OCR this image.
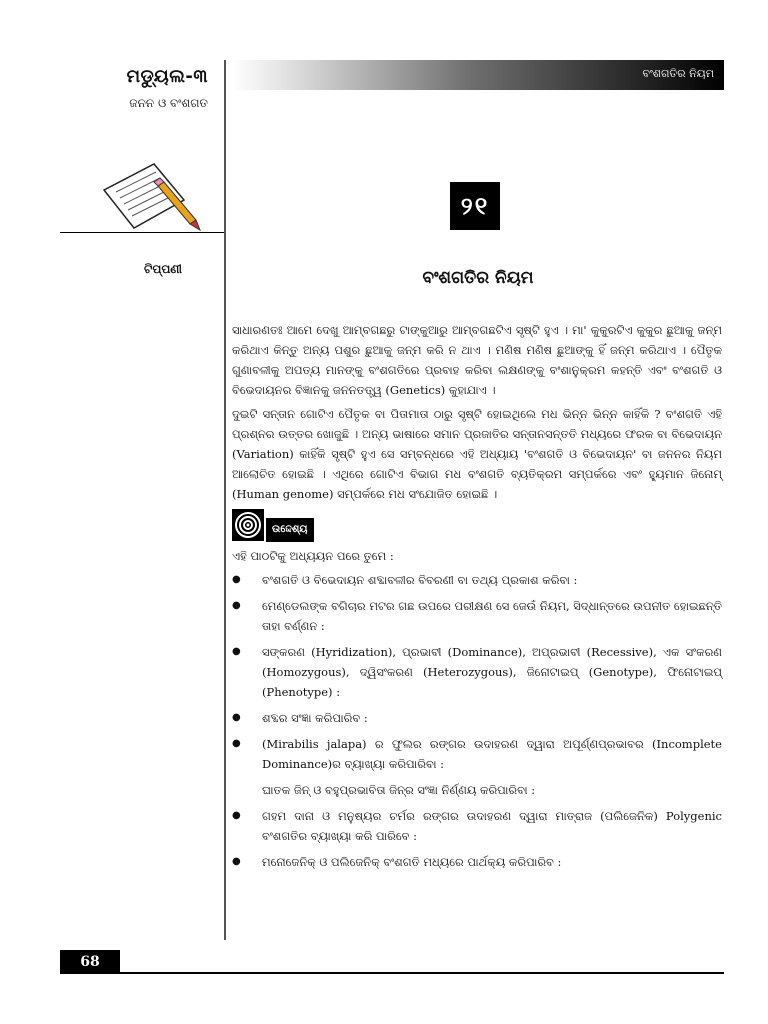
ମଡ୍ୟୁଲ-୩
ଜନନ ଓ ବଂଶଗତ
ଟିପ୍ପଣୀ
ବଂଶଗତିର ନିୟମ
୨୧
ବଂଶଗତିର ନିୟମ

ସାଧାରଣତଃ ଆମେ ଦେଖୁ ଆମ୍ବଗଛରୁ ଟାଙ୍କୁଆରୁ ଆମ୍ବଗଛଟିଏ ସୃଷ୍ଟି ହୁଏ । ମା' କୁକୁରଟିଏ କୁକୁର ଛୁଆକୁ ଜନ୍ମ କରିଥାଏ କିନ୍ତୁ ଅନ୍ୟ ପଶୁର ଛୁଆକୁ ଜନ୍ମ କରି ନ ଥାଏ । ମଣିଷ ମଣିଷ ଛୁଆଙ୍କୁ ହିଁ ଜନ୍ମ କରିଥାଏ । ପୈତୃକ ଗୁଣାବଳୀକୁ ଅପତ୍ୟ ମାନଙ୍କୁ ବଂଶଗତିରେ ପ୍ରବାହ କରିବା ଲକ୍ଷଣଙ୍କୁ ବଂଶାନୁକ୍ରମ କହନ୍ତି ଏବଂ ବଂଶଗତି ଓ ବିଭେଦାୟନର ବିଜ୍ଞାନକୁ ଜନନତତ୍ତ୍ୱ (Genetics) କୁହାଯାଏ ।

ଦୁଇଟି ସନ୍ତାନ ଗୋଟିଏ ପୈତୃକ ବା ପିତାମାତା ଠାରୁ ସୃଷ୍ଟି ହୋଇଥିଲେ ମଧ ଭିନ୍ନ ଭିନ୍ନ କାହିଁକି ? ବଂଶଗତି ଏହି ପ୍ରଶ୍ନର ଉତ୍ତର ଖୋଜୁଛି । ଅନ୍ୟ ଭାଷାରେ ସମାନ ପ୍ରଜାତିର ସନ୍ତାନସନ୍ତତି ମଧ୍ୟରେ ଫରକ ବା ବିଭେଦାୟନ (Variation) କାହିଁକି ସୃଷ୍ଟି ହୁଏ ସେ ସମ୍ବନ୍ଧରେ ଏହି ଅଧ୍ୟାୟ 'ବଂଶଗତି ଓ ବିଭେଦାୟନ' ବା ଜନନର ନିୟମ ଆଲୋଚିତ ହୋଇଛି । ଏଥିରେ ଗୋଟିଏ ବିଭାଗ ମଧ ବଂଶଗତି ବ୍ୟତିକ୍ରମ ସମ୍ପର୍କରେ ଏବଂ ହ୍ୟୁମାନ ଜିନୋମ୍ (Human genome) ସମ୍ପର୍କରେ ମଧ ସଂଯୋଜିତ ହୋଇଛି ।

ଉଦ୍ଦେଶ୍ୟ

ଏହି ପାଠଟିକୁ ଅଧ୍ୟୟନ ପରେ ତୁମେ :

● ବଂଶଗତି ଓ ବିଭେଦାୟନ ଶବ୍ଦାବଳୀର ବିବରଣୀ ବା ତଥ୍ୟ ପ୍ରକାଶ କରିବା :
● ମେଣ୍ଡେଲଙ୍କ ବଗିଚାର ମଟର ଗଛ ଉପରେ ପରୀକ୍ଷଣ ସେ ଜେଉଁ ନିୟମ, ସିଦ୍ଧାନ୍ତରେ ଉପନୀତ ହୋଇଛନ୍ତି ତାହା ବର୍ଣ୍ଣନ :
● ସଙ୍କରଣ (Hyridization), ପ୍ରଭାବୀ (Dominance), ଅପ୍ରଭାବୀ (Recessive), ଏକ ସଂକରଣ (Homozygous), ଦ୍ୱିସଂକରଣ (Heterozygous), ଜିନୋଟାଇପ୍ (Genotype), ଫିନୋଟାଇପ୍ (Phenotype) :
● ଶବ୍ଦର ସଂଜ୍ଞା କରିପାରିବ :
● (Mirabilis jalapa) ର ଫୁଲର ରଙ୍ଗର ଉଦାହରଣ ଦ୍ୱାରା ଅପୂର୍ଣ୍ଣପ୍ରଭାବର (Incomplete Dominance)ର ବ୍ୟାଖ୍ୟା କରିପାରିବା :
ଘାତକ ଜିନ୍ ଓ ବହୁପ୍ରଭାବିତା ଜିନ୍ର ସଂଜ୍ଞା ନିର୍ଣ୍ଣୟ କରିପାରିବା :
● ଗହମ ଦାନା ଓ ମନୁଷ୍ୟର ଚର୍ମର ରଙ୍ଗର ଉଦାହରଣ ଦ୍ୱାରା ମାତ୍ରାଜ (ପଲିଜେନିକ) Polygenic ବଂଶଗତିର ବ୍ୟାଖ୍ୟା କରି ପାରିବେ :
● ମନୋଜେନିକ୍ ଓ ପଲିଜେନିକ୍ ବଂଶଗତି ମଧ୍ୟରେ ପାର୍ଥକ୍ୟ କରିପାରିବ :
68
